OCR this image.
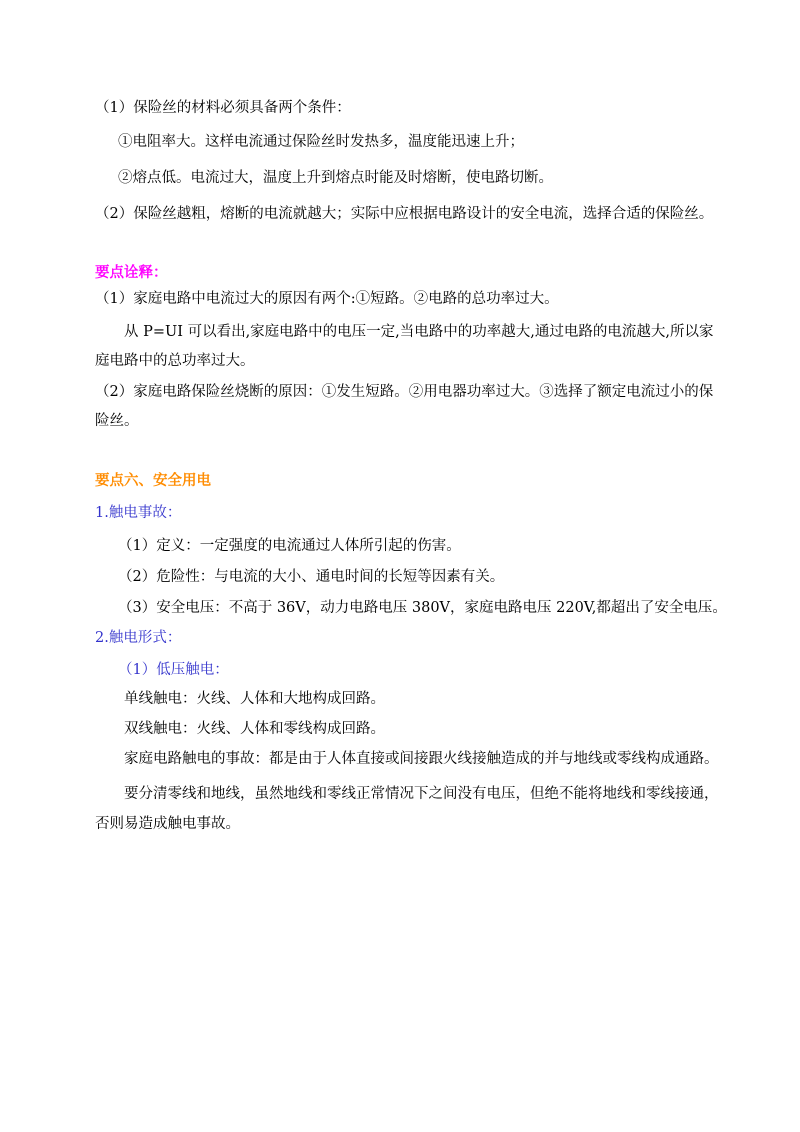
（1）保险丝的材料必须具备两个条件：
①电阻率大。这样电流通过保险丝时发热多，温度能迅速上升；
②熔点低。电流过大，温度上升到熔点时能及时熔断，使电路切断。
（2）保险丝越粗，熔断的电流就越大；实际中应根据电路设计的安全电流，选择合适的保险丝。
要点诠释：
（1）家庭电路中电流过大的原因有两个:①短路。②电路的总功率过大。
从 P=UI 可以看出,家庭电路中的电压一定,当电路中的功率越大,通过电路的电流越大,所以家
庭电路中的总功率过大。
（2）家庭电路保险丝烧断的原因：①发生短路。②用电器功率过大。③选择了额定电流过小的保
险丝。
要点六、安全用电
1.触电事故：
（1）定义：一定强度的电流通过人体所引起的伤害。
（2）危险性：与电流的大小、通电时间的长短等因素有关。
（3）安全电压：不高于 36V，动力电路电压 380V，家庭电路电压 220V,都超出了安全电压。
2.触电形式：
（1）低压触电：
单线触电：火线、人体和大地构成回路。
双线触电：火线、人体和零线构成回路。
家庭电路触电的事故：都是由于人体直接或间接跟火线接触造成的并与地线或零线构成通路。
要分清零线和地线，虽然地线和零线正常情况下之间没有电压，但绝不能将地线和零线接通，
否则易造成触电事故。
